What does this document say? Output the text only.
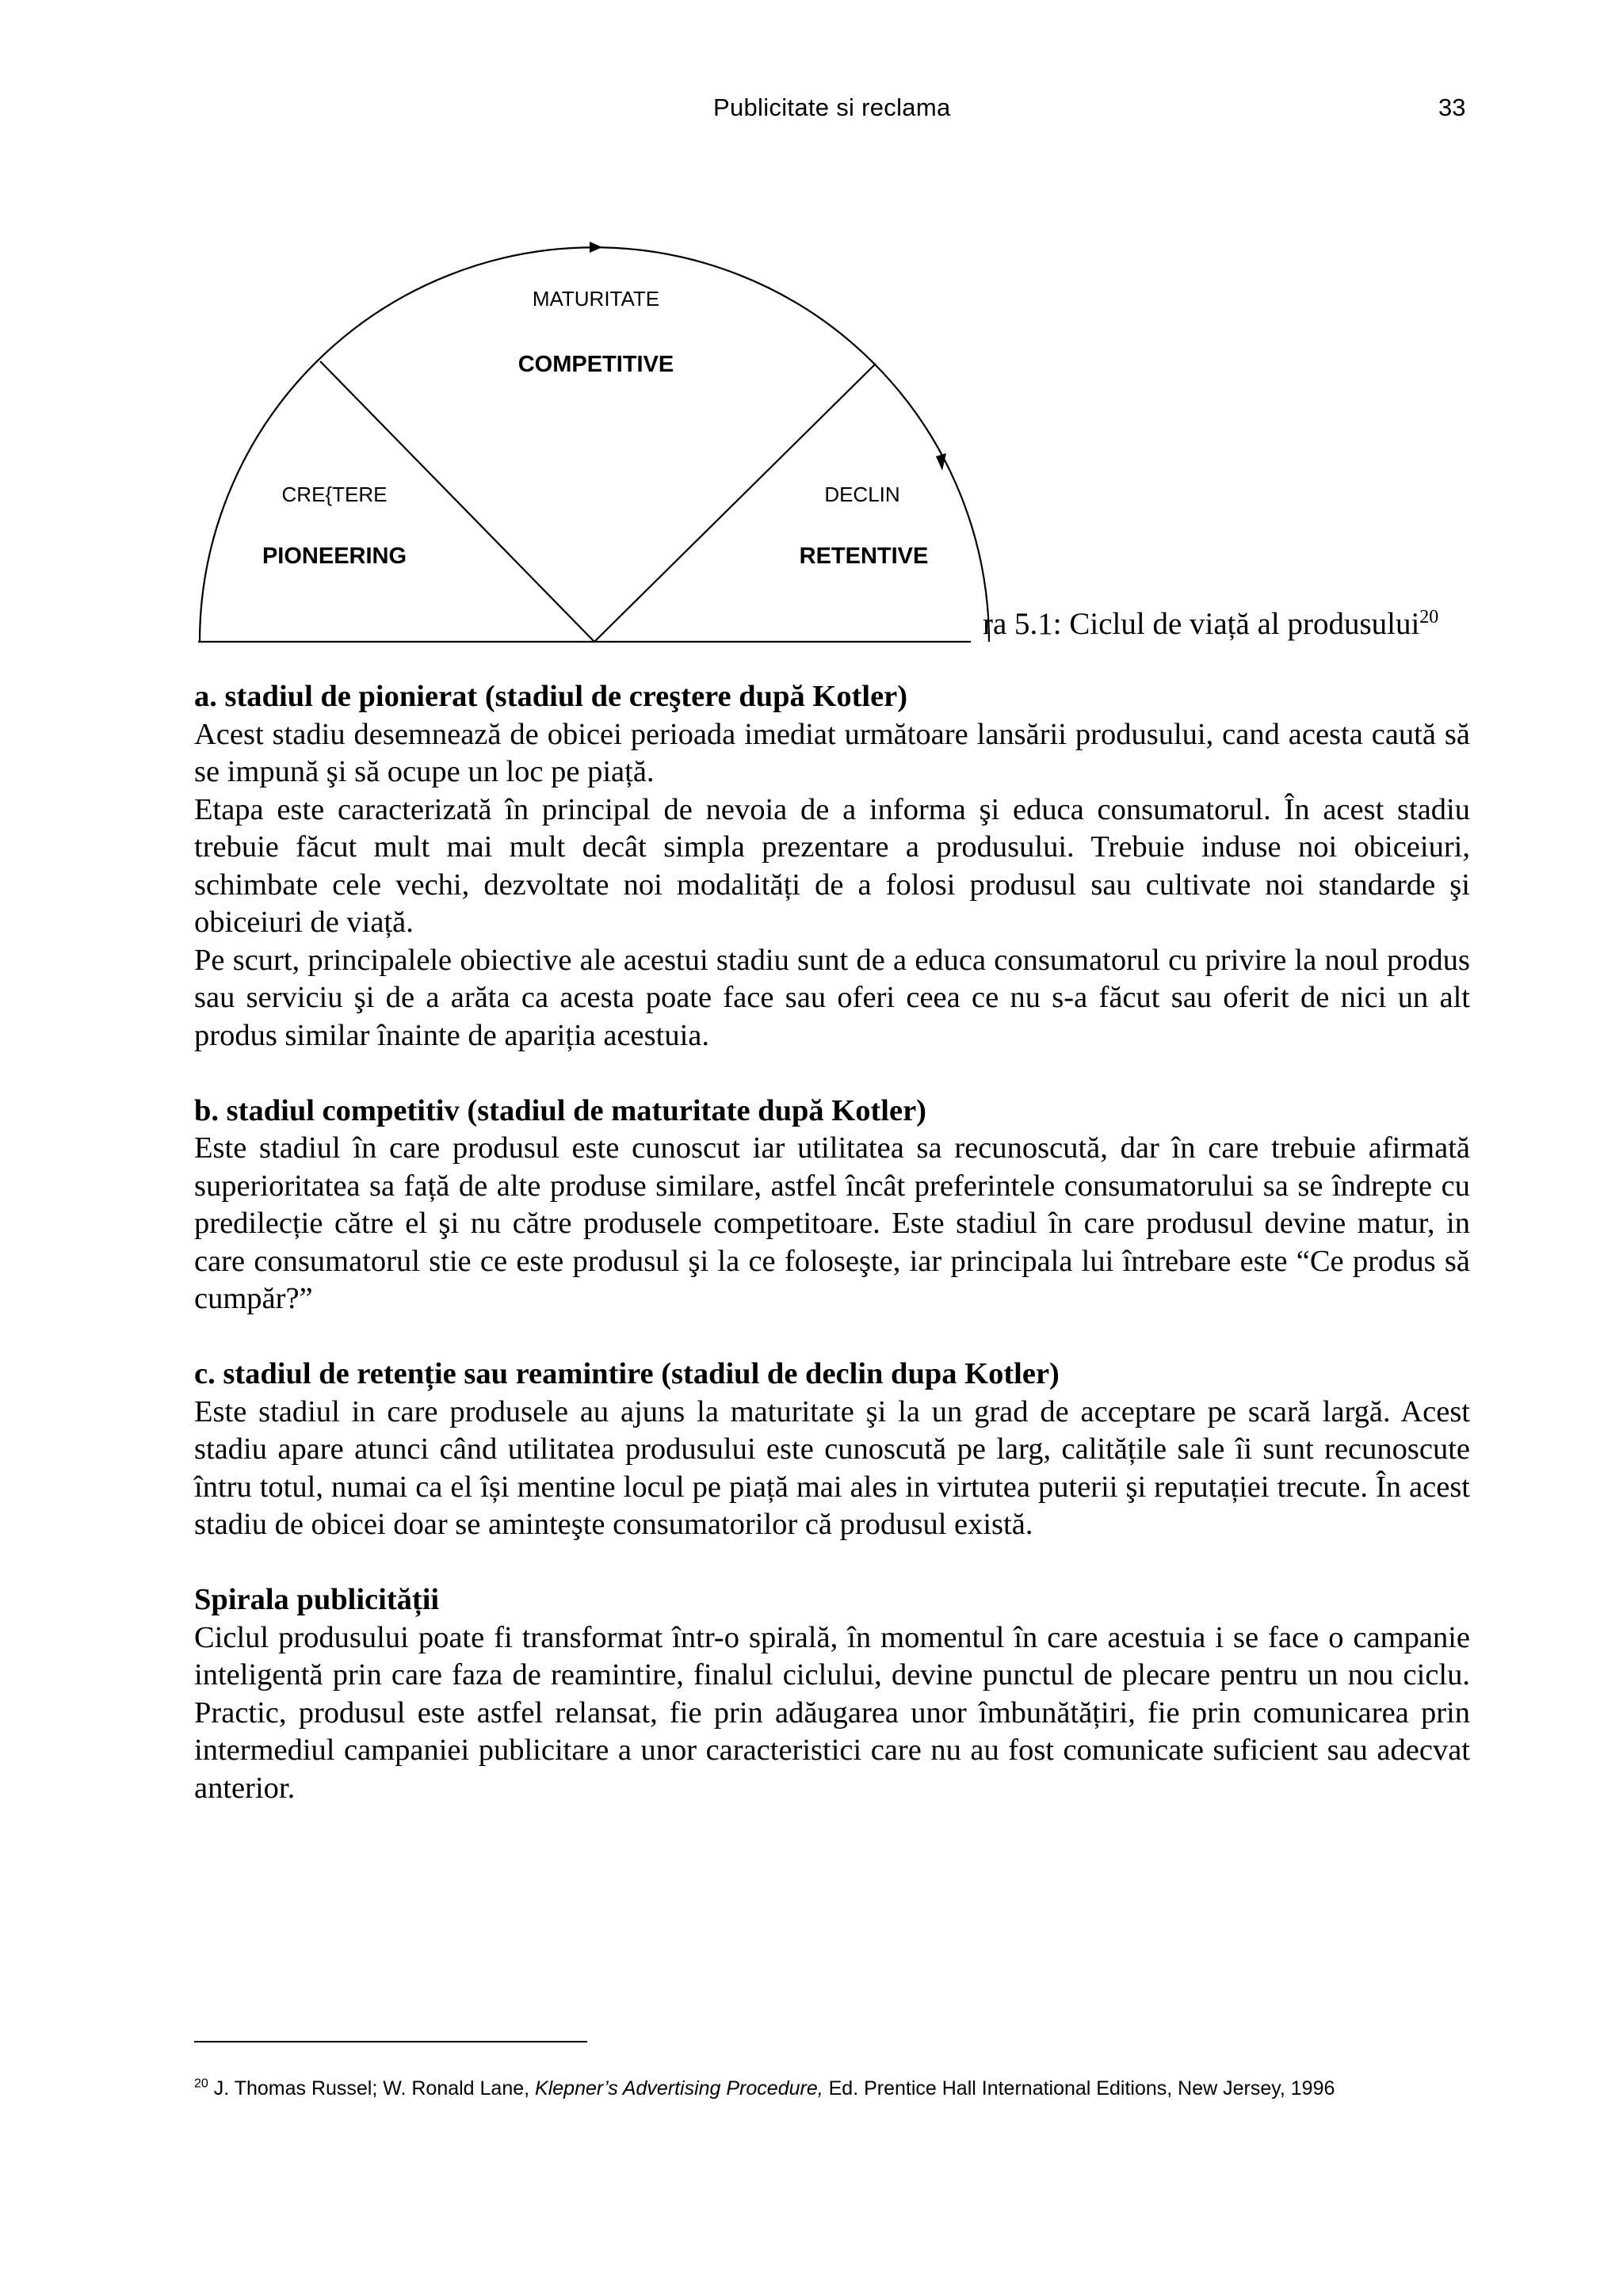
Publicitate si reclama	33
MATURITATE
COMPETITIVE
CRE{TERE
PIONEERING
DECLIN
RETENTIVE
ra 5.1: Ciclul de viață al produsului$^{20}$
a. stadiul de pionierat (stadiul de creştere după Kotler)

Acest stadiu desemnează de obicei perioada imediat următoare lansării produsului, cand acesta caută să se impună şi să ocupe un loc pe piață.

Etapa este caracterizată în principal de nevoia de a informa şi educa consumatorul. În acest stadiu trebuie făcut mult mai mult decât simpla prezentare a produsului. Trebuie induse noi obiceiuri, schimbate cele vechi, dezvoltate noi modalități de a folosi produsul sau cultivate noi standarde şi obiceiuri de viață.

Pe scurt, principalele obiective ale acestui stadiu sunt de a educa consumatorul cu privire la noul produs sau serviciu şi de a arăta ca acesta poate face sau oferi ceea ce nu s-a făcut sau oferit de nici un alt produs similar înainte de apariția acestuia.

b. stadiul competitiv (stadiul de maturitate după Kotler)

Este stadiul în care produsul este cunoscut iar utilitatea sa recunoscută, dar în care trebuie afirmată superioritatea sa față de alte produse similare, astfel încât preferintele consumatorului sa se îndrepte cu predilecție către el şi nu către produsele competitoare. Este stadiul în care produsul devine matur, in care consumatorul stie ce este produsul şi la ce foloseşte, iar principala lui întrebare este “Ce produs să cumpăr?”

c. stadiul de retenție sau reamintire (stadiul de declin dupa Kotler)

Este stadiul in care produsele au ajuns la maturitate şi la un grad de acceptare pe scară largă. Acest stadiu apare atunci când utilitatea produsului este cunoscută pe larg, calitățile sale îi sunt recunoscute întru totul, numai ca el își mentine locul pe piață mai ales in virtutea puterii şi reputației trecute. În acest stadiu de obicei doar se aminteşte consumatorilor că produsul există.

Spirala publicității

Ciclul produsului poate fi transformat într-o spirală, în momentul în care acestuia i se face o campanie inteligentă prin care faza de reamintire, finalul ciclului, devine punctul de plecare pentru un nou ciclu. Practic, produsul este astfel relansat, fie prin adăugarea unor îmbunătățiri, fie prin comunicarea prin intermediul campaniei publicitare a unor caracteristici care nu au fost comunicate suficient sau adecvat anterior.

$^{20}$ J. Thomas Russel; W. Ronald Lane, Klepner’s Advertising Procedure, Ed. Prentice Hall International Editions, New Jersey, 1996
